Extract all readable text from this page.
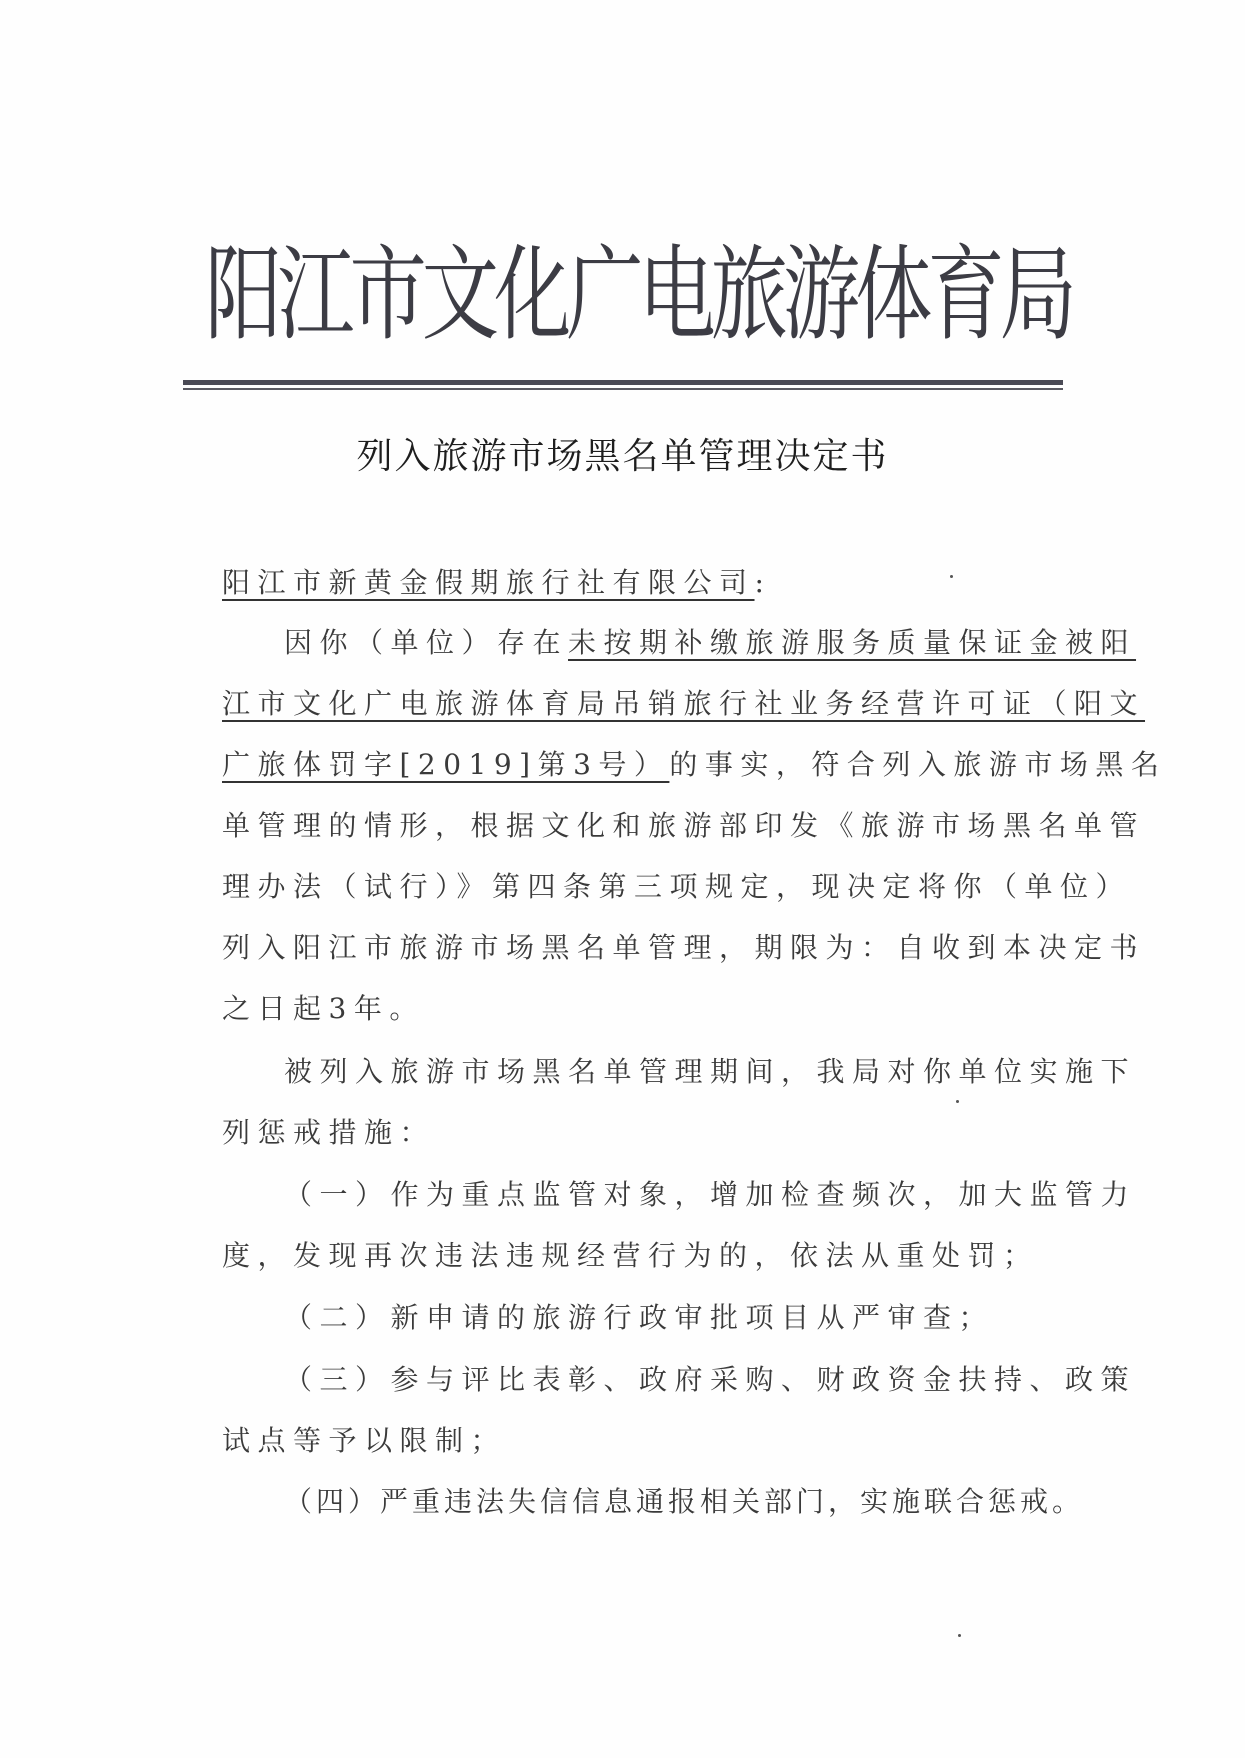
阳江市文化广电旅游体育局
列入旅游市场黑名单管理决定书
阳江市新黄金假期旅行社有限公司:
因你（单位）存在未按期补缴旅游服务质量保证金被阳
江市文化广电旅游体育局吊销旅行社业务经营许可证（阳文
广旅体罚字[2019]第3号）的事实，符合列入旅游市场黑名
单管理的情形，根据文化和旅游部印发《旅游市场黑名单管
理办法（试行）》第四条第三项规定，现决定将你（单位）
列入阳江市旅游市场黑名单管理，期限为：自收到本决定书
之日起3年。
被列入旅游市场黑名单管理期间，我局对你单位实施下
列惩戒措施：
（一）作为重点监管对象，增加检查频次，加大监管力
度，发现再次违法违规经营行为的，依法从重处罚；
（二）新申请的旅游行政审批项目从严审查；
（三）参与评比表彰、政府采购、财政资金扶持、政策
试点等予以限制；
（四）严重违法失信信息通报相关部门，实施联合惩戒。
